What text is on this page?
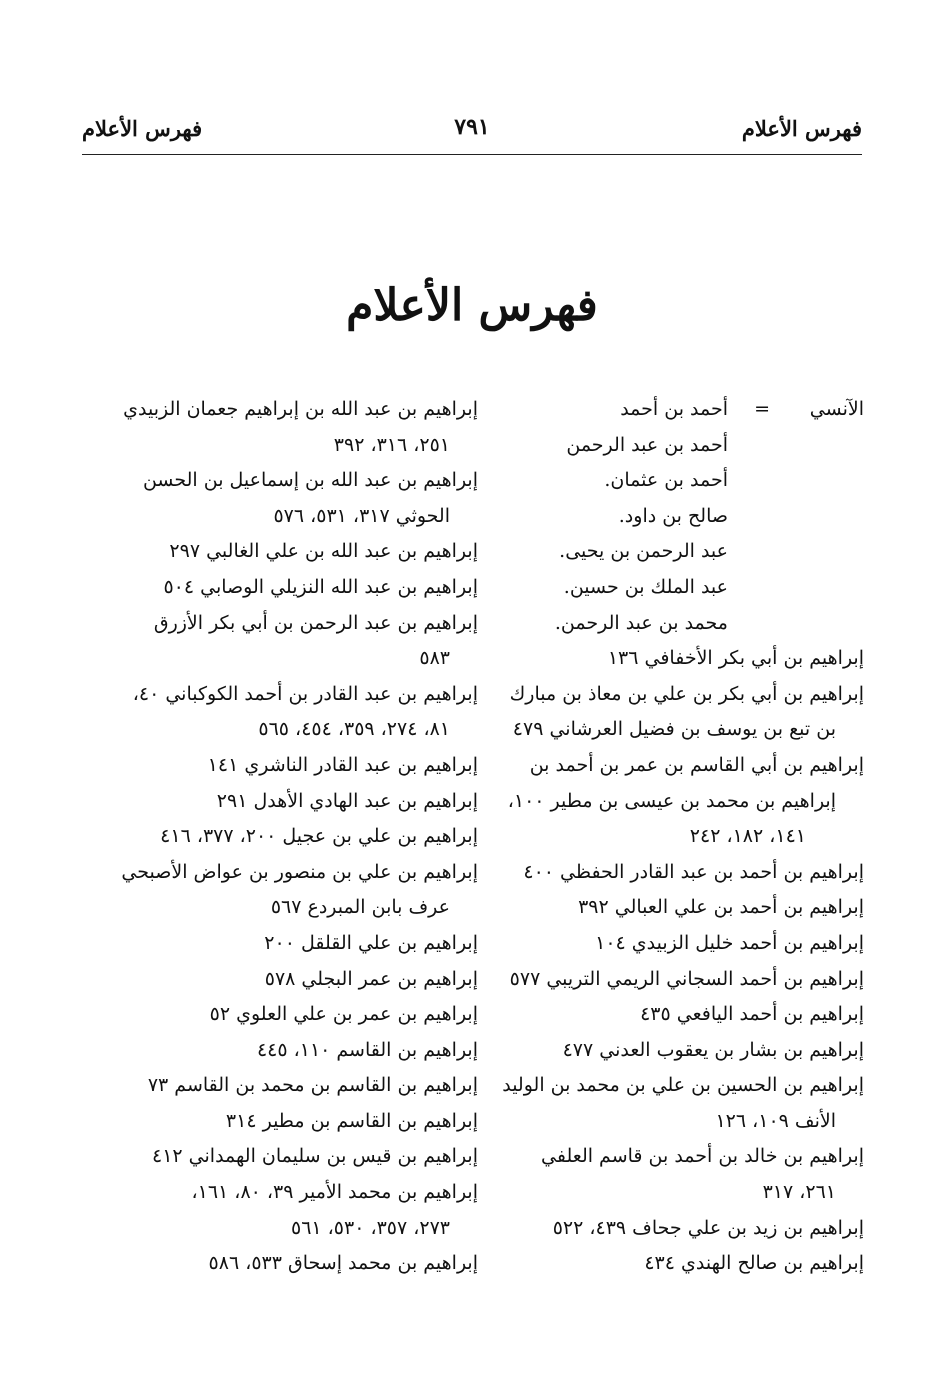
فهرس الأعلام
٧٩١
فهرس الأعلام
فهرس الأعلام
الآنسي
=
أحمد بن أحمد
أحمد بن عبد الرحمن
أحمد بن عثمان.
صالح بن داود.
عبد الرحمن بن يحيى.
عبد الملك بن حسين.
محمد بن عبد الرحمن.
إبراهيم بن أبي بكر الأخفافي ١٣٦
إبراهيم بن أبي بكر بن علي بن معاذ بن مبارك
بن تبع بن يوسف بن فضيل العرشاني ٤٧٩
إبراهيم بن أبي القاسم بن عمر بن أحمد بن
إبراهيم بن محمد بن عيسى بن مطير ١٠٠،
١٤١، ١٨٢، ٢٤٢
إبراهيم بن أحمد بن عبد القادر الحفظي ٤٠٠
إبراهيم بن أحمد بن علي العبالي ٣٩٢
إبراهيم بن أحمد خليل الزبيدي ١٠٤
إبراهيم بن أحمد السجاني الريمي التريبي ٥٧٧
إبراهيم بن أحمد اليافعي ٤٣٥
إبراهيم بن بشار بن يعقوب العدني ٤٧٧
إبراهيم بن الحسين بن علي بن محمد بن الوليد
الأنف ١٠٩، ١٢٦
إبراهيم بن خالد بن أحمد بن قاسم العلفي
٢٦١، ٣١٧
إبراهيم بن زيد بن علي جحاف ٤٣٩، ٥٢٢
إبراهيم بن صالح الهندي ٤٣٤
إبراهيم بن عبد الله بن إبراهيم جعمان الزبيدي
٢٥١، ٣١٦، ٣٩٢
إبراهيم بن عبد الله بن إسماعيل بن الحسن
الحوثي ٣١٧، ٥٣١، ٥٧٦
إبراهيم بن عبد الله بن علي الغالبي ٢٩٧
إبراهيم بن عبد الله النزيلي الوصابي ٥٠٤
إبراهيم بن عبد الرحمن بن أبي بكر الأزرق
٥٨٣
إبراهيم بن عبد القادر بن أحمد الكوكباني ٤٠،
٨١، ٢٧٤، ٣٥٩، ٤٥٤، ٥٦٥
إبراهيم بن عبد القادر الناشري ١٤١
إبراهيم بن عبد الهادي الأهدل ٢٩١
إبراهيم بن علي بن عجيل ٢٠٠، ٣٧٧، ٤١٦
إبراهيم بن علي بن منصور بن عواض الأصبحي
عرف بابن المبردع ٥٦٧
إبراهيم بن علي القلقل ٢٠٠
إبراهيم بن عمر البجلي ٥٧٨
إبراهيم بن عمر بن علي العلوي ٥٢
إبراهيم بن القاسم ١١٠، ٤٤٥
إبراهيم بن القاسم بن محمد بن القاسم ٧٣
إبراهيم بن القاسم بن مطير ٣١٤
إبراهيم بن قيس بن سليمان الهمداني ٤١٢
إبراهيم بن محمد الأمير ٣٩، ٨٠، ١٦١،
٢٧٣، ٣٥٧، ٥٣٠، ٥٦١
إبراهيم بن محمد إسحاق ٥٣٣، ٥٨٦
